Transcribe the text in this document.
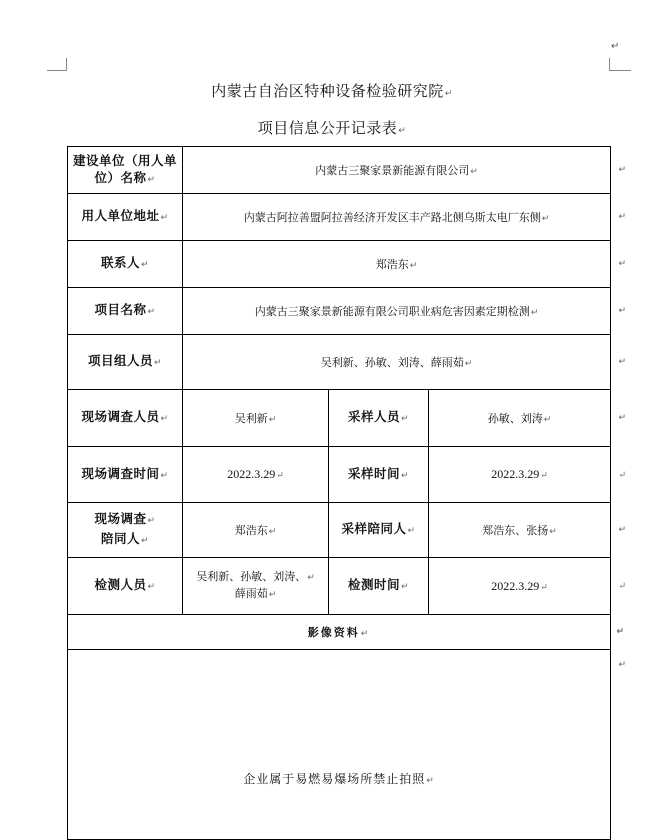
↵
内蒙古自治区特种设备检验研究院↵
项目信息公开记录表↵
建设单位（用人单位）名称↵	内蒙古三聚家景新能源有限公司↵ ↵		

用人单位地址↵	内蒙古阿拉善盟阿拉善经济开发区丰产路北侧乌斯太电厂东侧↵ ↵		

联系人↵	郑浩东↵ ↵		

项目名称↵	内蒙古三聚家景新能源有限公司职业病危害因素定期检测↵ ↵		

项目组人员↵	吴利新、孙敏、刘涛、薛雨茹↵ ↵		

现场调查人员↵	吴利新↵	采样人员↵	孙敏、刘涛↵ ↵

现场调查时间↵	2022.3.29↵	采样时间↵	2022.3.29↵ ↵

现场调查↵
陪同人↵	郑浩东↵	采样陪同人↵	郑浩东、张扬↵ ↵

检测人员↵	吴利新、孙敏、刘涛、↵
薛雨茹↵	检测时间↵	2022.3.29↵ ↵

影像资料↵ ↵			

企业属于易燃易爆场所禁止拍照↵
↵			
